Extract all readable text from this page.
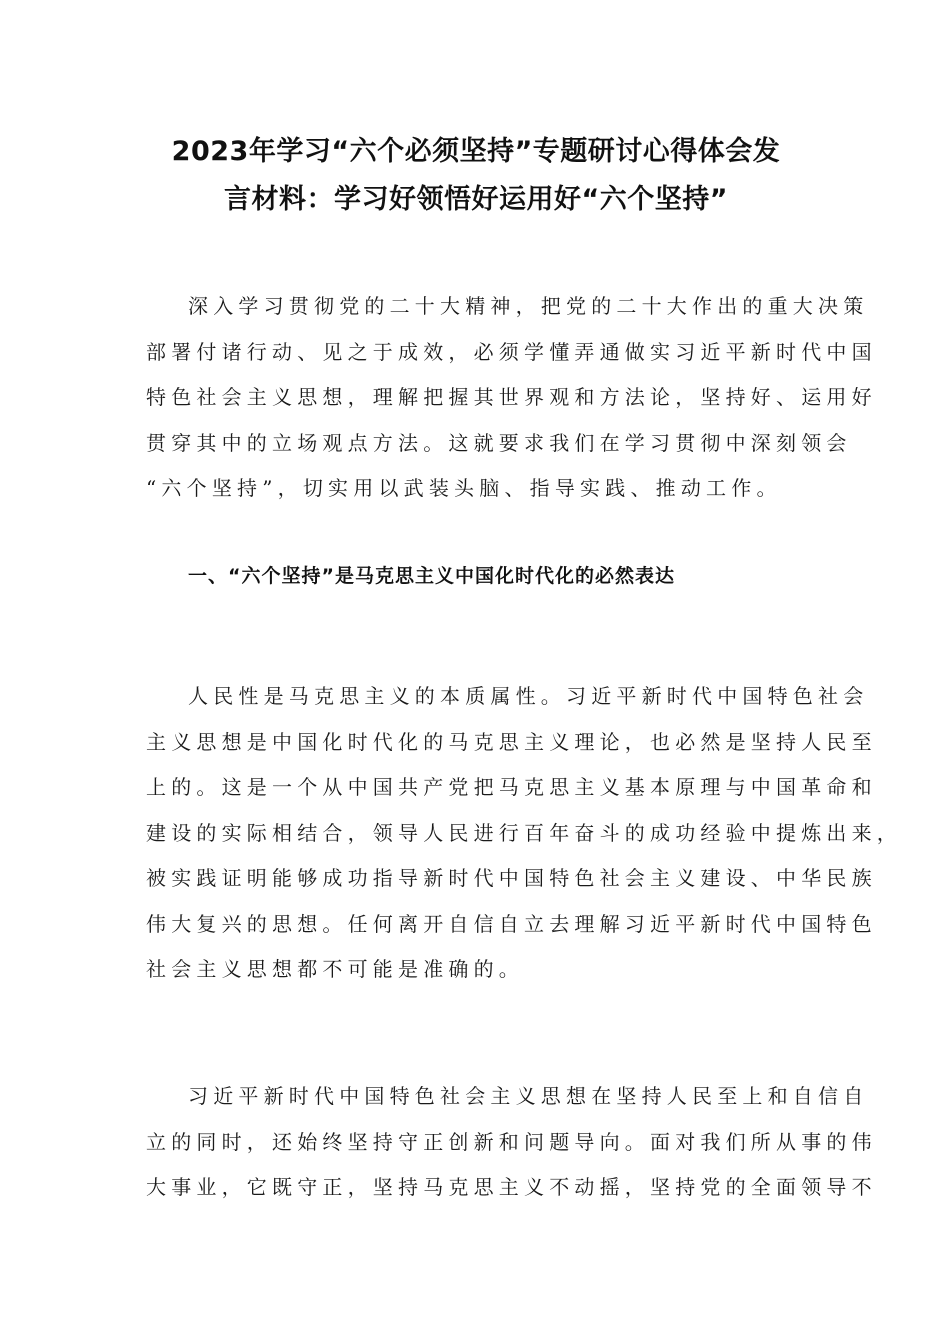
2023年学习“六个必须坚持”专题研讨心得体会发
言材料：学习好领悟好运用好“六个坚持”

深入学习贯彻党的二十大精神，把党的二十大作出的重大决策
部署付诸行动、见之于成效，必须学懂弄通做实习近平新时代中国
特色社会主义思想，理解把握其世界观和方法论，坚持好、运用好
贯穿其中的立场观点方法。这就要求我们在学习贯彻中深刻领会
“六个坚持”，切实用以武装头脑、指导实践、推动工作。

一、“六个坚持”是马克思主义中国化时代化的必然表达

人民性是马克思主义的本质属性。习近平新时代中国特色社会
主义思想是中国化时代化的马克思主义理论，也必然是坚持人民至
上的。这是一个从中国共产党把马克思主义基本原理与中国革命和
建设的实际相结合，领导人民进行百年奋斗的成功经验中提炼出来，
被实践证明能够成功指导新时代中国特色社会主义建设、中华民族
伟大复兴的思想。任何离开自信自立去理解习近平新时代中国特色
社会主义思想都不可能是准确的。

习近平新时代中国特色社会主义思想在坚持人民至上和自信自
立的同时，还始终坚持守正创新和问题导向。面对我们所从事的伟
大事业，它既守正，坚持马克思主义不动摇，坚持党的全面领导不
